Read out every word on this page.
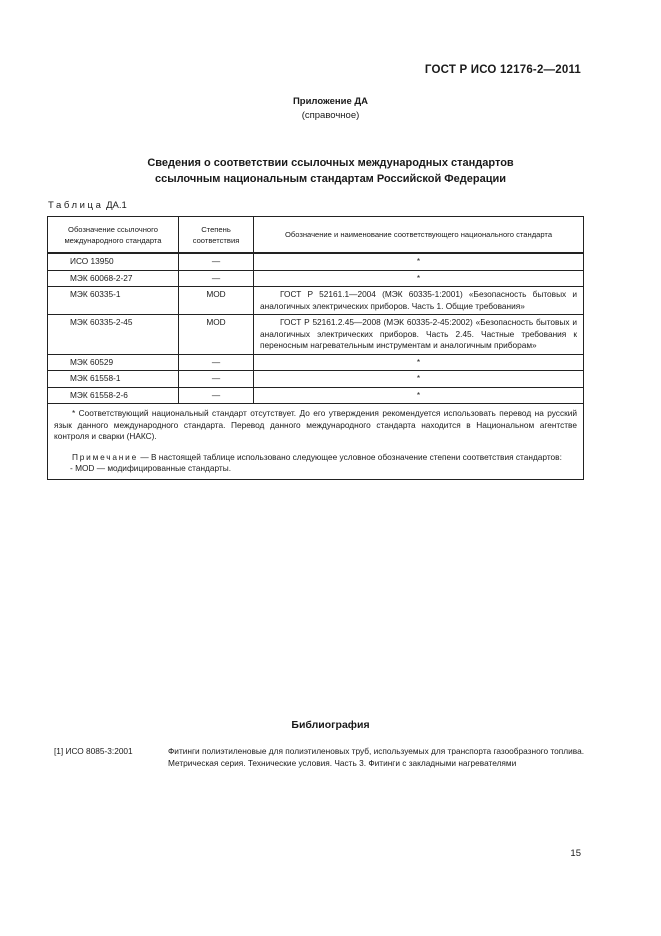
ГОСТ Р ИСО 12176-2—2011
Приложение ДА
(справочное)
Сведения о соответствии ссылочных международных стандартов
ссылочным национальным стандартам Российской Федерации
Таблица ДА.1
Обозначение ссылочного международного стандарта	Степень соответствия	Обозначение и наименование соответствующего национального стандарта
ИСО 13950	—	*
МЭК 60068-2-27	—	*
МЭК 60335-1	MOD	ГОСТ Р 52161.1—2004 (МЭК 60335-1:2001) «Безопасность бытовых и аналогичных электрических приборов. Часть 1. Общие требования»
МЭК 60335-2-45	MOD	ГОСТ Р 52161.2.45—2008 (МЭК 60335-2-45:2002) «Безопасность бытовых и аналогичных электрических приборов. Часть 2.45. Частные требования к переносным нагревательным инструментам и аналогичным приборам»
МЭК 60529	—	*
МЭК 61558-1	—	*
МЭК 61558-2-6	—	*

* Соответствующий национальный стандарт отсутствует. До его утверждения рекомендуется использовать перевод на русский язык данного международного стандарта. Перевод данного международного стандарта находится в Национальном агентстве контроля и сварки (НАКС).

Примечание — В настоящей таблице использовано следующее условное обозначение степени соответствия стандартов:

- MOD — модифицированные стандарты.		
Библиография
[1] ИСО 8085-3:2001	Фитинги полиэтиленовые для полиэтиленовых труб, используемых для транспорта газообразного топлива. Метрическая серия. Технические условия. Часть 3. Фитинги с закладными нагревателями
15
